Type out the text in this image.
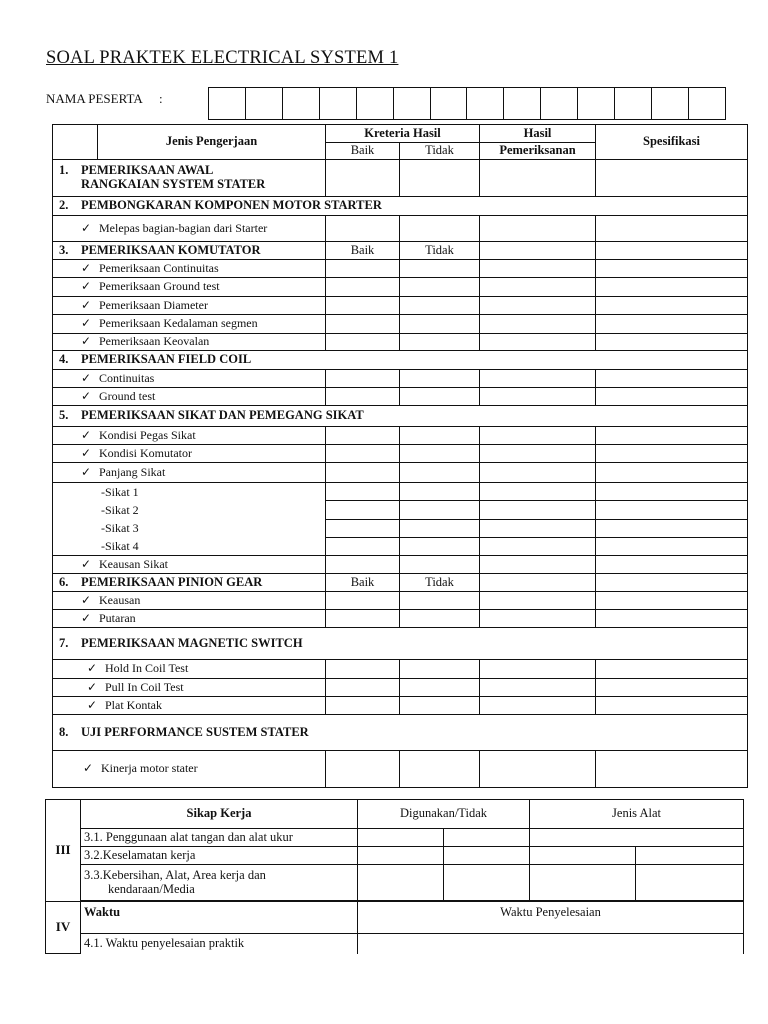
SOAL PRAKTEK ELECTRICAL SYSTEM 1
NAMA PESERTA :

	Jenis Pengerjaan	Kreteria Hasil		Hasil	Spesifikasi
		Baik	Tidak	Pemeriksanan	
1. PEMERIKSAAN AWAL
RANGKAIAN SYSTEM STATER					
2. PEMBONGKARAN KOMPONEN MOTOR STARTER					
✓ Melepas bagian-bagian dari Starter					
3. PEMERIKSAAN KOMUTATOR		Baik	Tidak		
✓ Pemeriksaan Continuitas					
✓ Pemeriksaan Ground test					
✓ Pemeriksaan Diameter					
✓ Pemeriksaan Kedalaman segmen					
✓ Pemeriksaan Keovalan					
4. PEMERIKSAAN FIELD COIL					
✓ Continuitas					
✓ Ground test					
5. PEMERIKSAAN SIKAT DAN PEMEGANG SIKAT					
✓ Kondisi Pegas Sikat					
✓ Kondisi Komutator					
✓ Panjang Sikat					

-Sikat 1
-Sikat 2
-Sikat 3
-Sikat 4					

✓ Keausan Sikat					
6. PEMERIKSAAN PINION GEAR		Baik	Tidak		
✓ Keausan					
✓ Putaran					
7. PEMERIKSAAN MAGNETIC SWITCH					
✓ Hold In Coil Test					
✓ Pull In Coil Test					
✓ Plat Kontak					
8. UJI PERFORMANCE SUSTEM STATER					
✓ Kinerja motor stater					
III	Sikap Kerja	Digunakan/Tidak		Jenis Alat	
	3.1. Penggunaan alat tangan dan alat ukur				
	3.2.Keselamatan kerja				

	3.3.Kebersihan, Alat, Area kerja dan
kendaraan/Media				

IV	Waktu	Waktu Penyelesaian			
	4.1. Waktu penyelesaian praktik				
